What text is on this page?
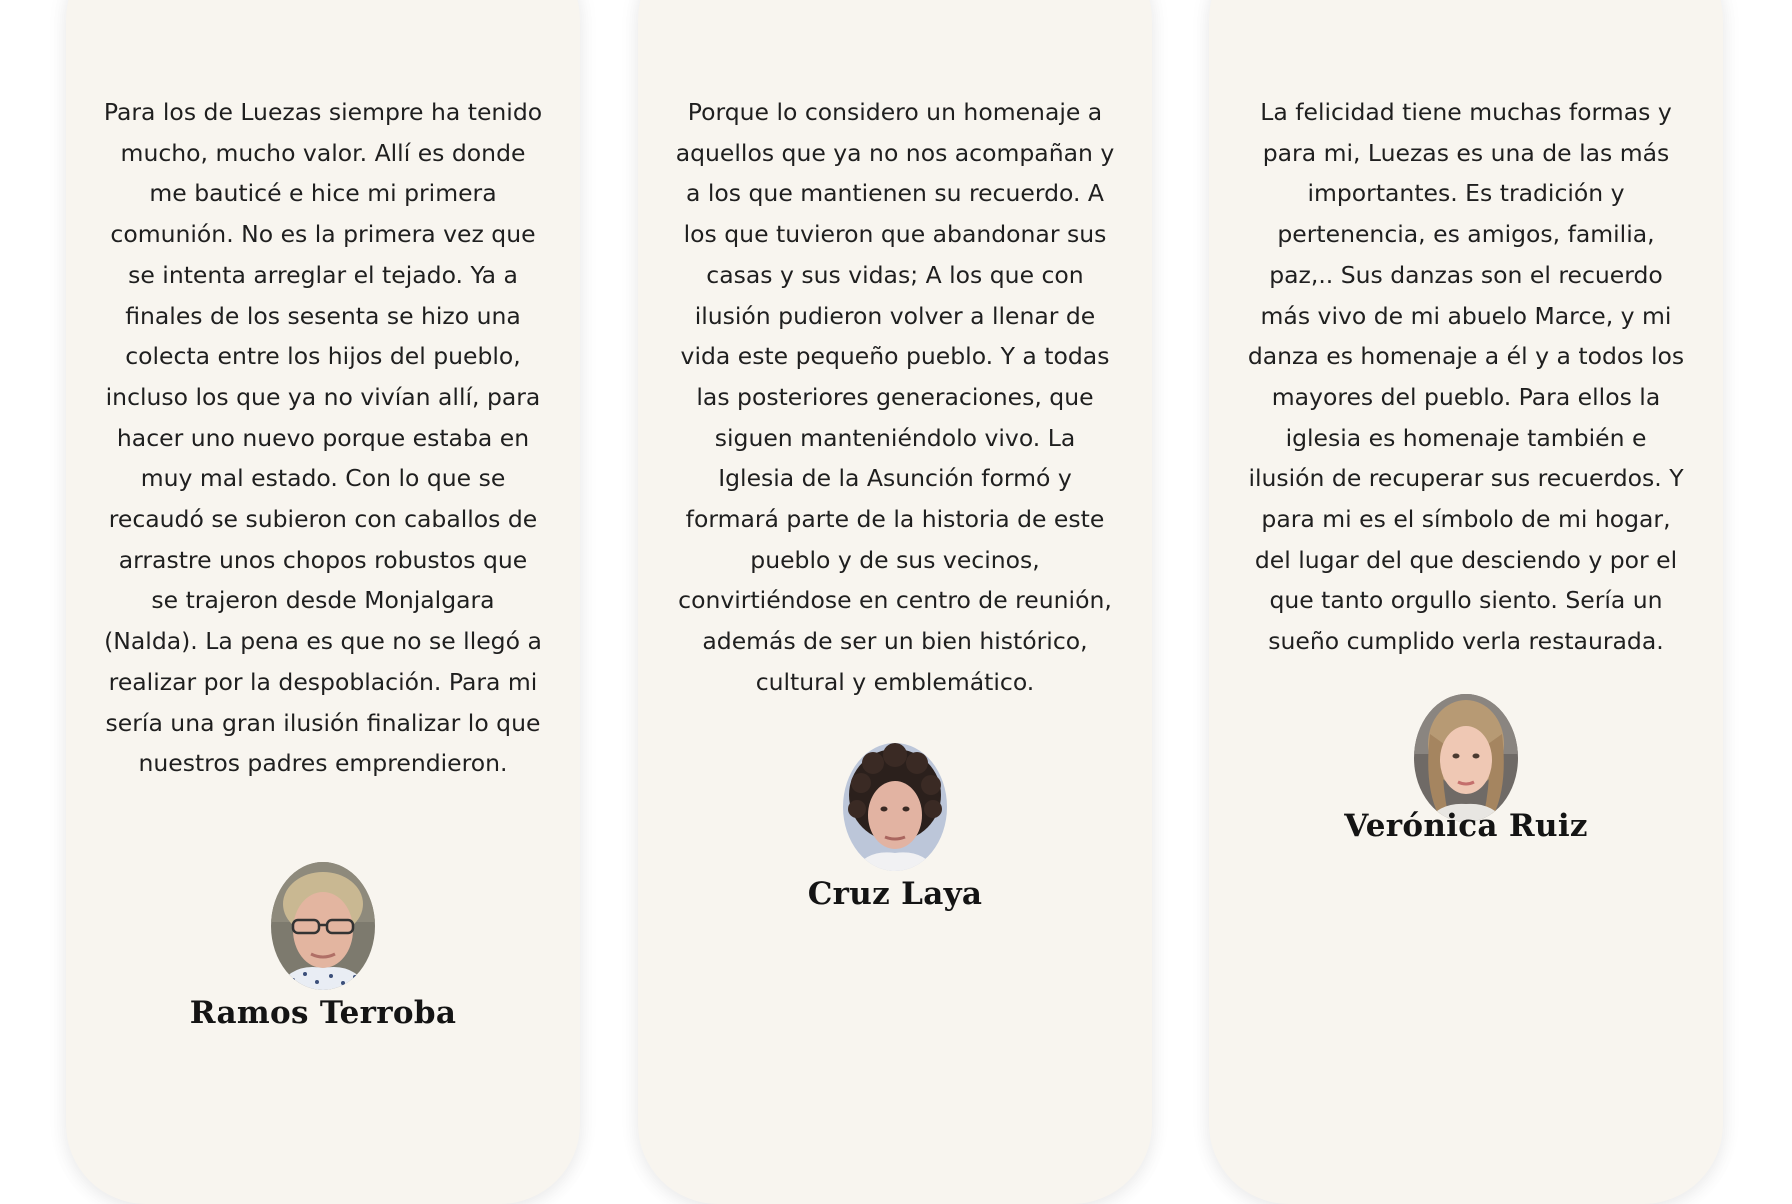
Para los de Luezas siempre ha tenido mucho, mucho valor. Allí es donde me bauticé e hice mi primera comunión. No es la primera vez que se intenta arreglar el tejado. Ya a finales de los sesenta se hizo una colecta entre los hijos del pueblo, incluso los que ya no vivían allí, para hacer uno nuevo porque estaba en muy mal estado. Con lo que se recaudó se subieron con caballos de arrastre unos chopos robustos que se trajeron desde Monjalgara (Nalda). La pena es que no se llegó a realizar por la despoblación. Para mi sería una gran ilusión finalizar lo que nuestros padres emprendieron.

Ramos Terroba

Porque lo considero un homenaje a aquellos que ya no nos acompañan y a los que mantienen su recuerdo. A los que tuvieron que abandonar sus casas y sus vidas; A los que con ilusión pudieron volver a llenar de vida este pequeño pueblo. Y a todas las posteriores generaciones, que siguen manteniéndolo vivo. La Iglesia de la Asunción formó y formará parte de la historia de este pueblo y de sus vecinos, convirtiéndose en centro de reunión, además de ser un bien histórico, cultural y emblemático.

Cruz Laya

La felicidad tiene muchas formas y para mi, Luezas es una de las más importantes. Es tradición y pertenencia, es amigos, familia, paz,.. Sus danzas son el recuerdo más vivo de mi abuelo Marce, y mi danza es homenaje a él y a todos los mayores del pueblo. Para ellos la iglesia es homenaje también e ilusión de recuperar sus recuerdos. Y para mi es el símbolo de mi hogar, del lugar del que desciendo y por el que tanto orgullo siento. Sería un sueño cumplido verla restaurada.

Verónica Ruiz
